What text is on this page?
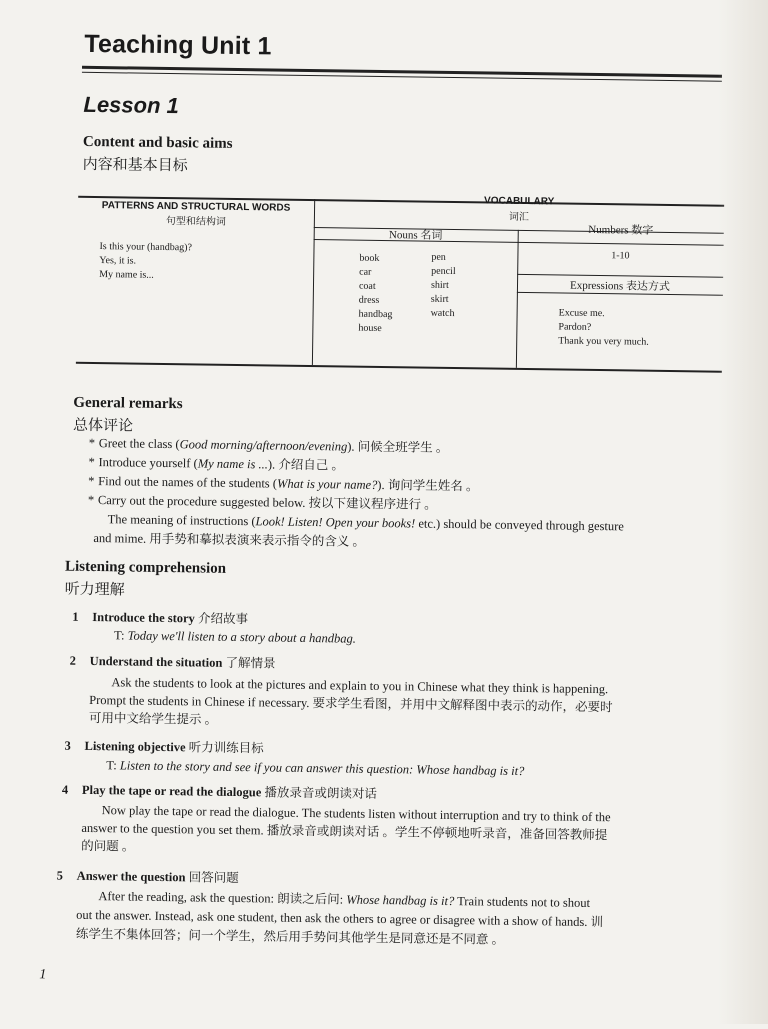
Teaching Unit 1
Lesson 1
Content and basic aims
内容和基本目标
PATTERNS AND STRUCTURAL WORDS
句型和结构词
VOCABULARY
词汇
Nouns 名词	Numbers 数字
Is this your (handbag)?
Yes, it is.
My name is...
book
car
coat
dress
handbag
house
pen
pencil
shirt
skirt
watch
1-10
Expressions 表达方式
Excuse me.
Pardon?
Thank you very much.
General remarks
总体评论
* Greet the class (Good morning/afternoon/evening). 问候全班学生 。
* Introduce yourself (My name is ...). 介绍自己 。
* Find out the names of the students (What is your name?). 询问学生姓名 。
* Carry out the procedure suggested below. 按以下建议程序进行 。
The meaning of instructions (Look! Listen! Open your books! etc.) should be conveyed through gesture
and mime. 用手势和摹拟表演来表示指令的含义 。
Listening comprehension
听力理解
1 Introduce the story 介绍故事
T: Today we'll listen to a story about a handbag.
2 Understand the situation 了解情景
Ask the students to look at the pictures and explain to you in Chinese what they think is happening.
Prompt the students in Chinese if necessary. 要求学生看图，并用中文解释图中表示的动作，必要时
可用中文给学生提示 。
3 Listening objective 听力训练目标
T: Listen to the story and see if you can answer this question: Whose handbag is it?
4 Play the tape or read the dialogue 播放录音或朗读对话
Now play the tape or read the dialogue. The students listen without interruption and try to think of the
answer to the question you set them. 播放录音或朗读对话 。学生不停顿地听录音，准备回答教师提
的问题 。
5 Answer the question 回答问题
After the reading, ask the question: 朗读之后问: Whose handbag is it? Train students not to shout
out the answer. Instead, ask one student, then ask the others to agree or disagree with a show of hands. 训
练学生不集体回答；问一个学生，然后用手势问其他学生是同意还是不同意 。
1
